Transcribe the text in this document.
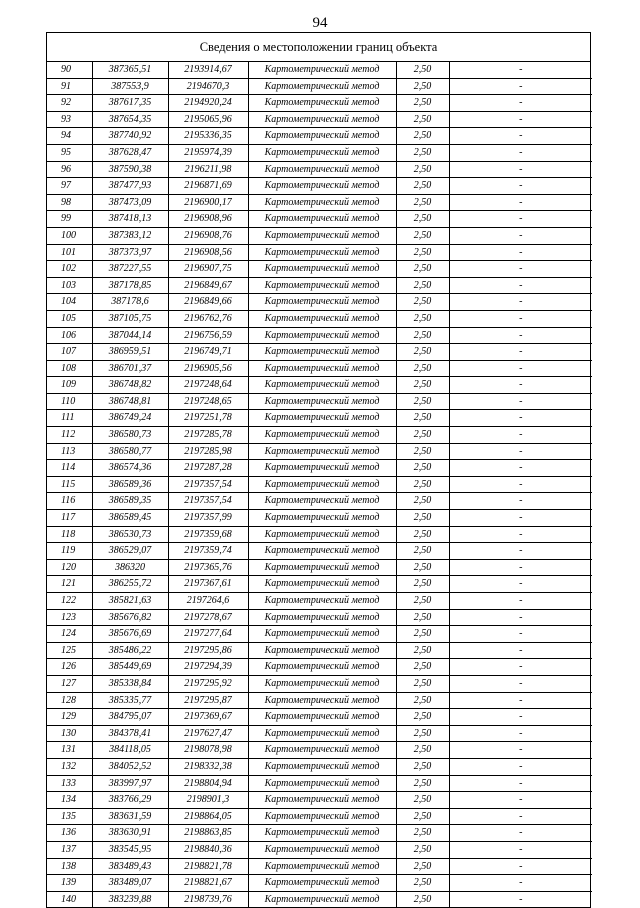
94
Сведения о местоположении границ объекта
90	387365,51	2193914,67	Картометрический метод	2,50	-
91	387553,9	2194670,3	Картометрический метод	2,50	-
92	387617,35	2194920,24	Картометрический метод	2,50	-
93	387654,35	2195065,96	Картометрический метод	2,50	-
94	387740,92	2195336,35	Картометрический метод	2,50	-
95	387628,47	2195974,39	Картометрический метод	2,50	-
96	387590,38	2196211,98	Картометрический метод	2,50	-
97	387477,93	2196871,69	Картометрический метод	2,50	-
98	387473,09	2196900,17	Картометрический метод	2,50	-
99	387418,13	2196908,96	Картометрический метод	2,50	-
100	387383,12	2196908,76	Картометрический метод	2,50	-
101	387373,97	2196908,56	Картометрический метод	2,50	-
102	387227,55	2196907,75	Картометрический метод	2,50	-
103	387178,85	2196849,67	Картометрический метод	2,50	-
104	387178,6	2196849,66	Картометрический метод	2,50	-
105	387105,75	2196762,76	Картометрический метод	2,50	-
106	387044,14	2196756,59	Картометрический метод	2,50	-
107	386959,51	2196749,71	Картометрический метод	2,50	-
108	386701,37	2196905,56	Картометрический метод	2,50	-
109	386748,82	2197248,64	Картометрический метод	2,50	-
110	386748,81	2197248,65	Картометрический метод	2,50	-
111	386749,24	2197251,78	Картометрический метод	2,50	-
112	386580,73	2197285,78	Картометрический метод	2,50	-
113	386580,77	2197285,98	Картометрический метод	2,50	-
114	386574,36	2197287,28	Картометрический метод	2,50	-
115	386589,36	2197357,54	Картометрический метод	2,50	-
116	386589,35	2197357,54	Картометрический метод	2,50	-
117	386589,45	2197357,99	Картометрический метод	2,50	-
118	386530,73	2197359,68	Картометрический метод	2,50	-
119	386529,07	2197359,74	Картометрический метод	2,50	-
120	386320	2197365,76	Картометрический метод	2,50	-
121	386255,72	2197367,61	Картометрический метод	2,50	-
122	385821,63	2197264,6	Картометрический метод	2,50	-
123	385676,82	2197278,67	Картометрический метод	2,50	-
124	385676,69	2197277,64	Картометрический метод	2,50	-
125	385486,22	2197295,86	Картометрический метод	2,50	-
126	385449,69	2197294,39	Картометрический метод	2,50	-
127	385338,84	2197295,92	Картометрический метод	2,50	-
128	385335,77	2197295,87	Картометрический метод	2,50	-
129	384795,07	2197369,67	Картометрический метод	2,50	-
130	384378,41	2197627,47	Картометрический метод	2,50	-
131	384118,05	2198078,98	Картометрический метод	2,50	-
132	384052,52	2198332,38	Картометрический метод	2,50	-
133	383997,97	2198804,94	Картометрический метод	2,50	-
134	383766,29	2198901,3	Картометрический метод	2,50	-
135	383631,59	2198864,05	Картометрический метод	2,50	-
136	383630,91	2198863,85	Картометрический метод	2,50	-
137	383545,95	2198840,36	Картометрический метод	2,50	-
138	383489,43	2198821,78	Картометрический метод	2,50	-
139	383489,07	2198821,67	Картометрический метод	2,50	-
140	383239,88	2198739,76	Картометрический метод	2,50	-
